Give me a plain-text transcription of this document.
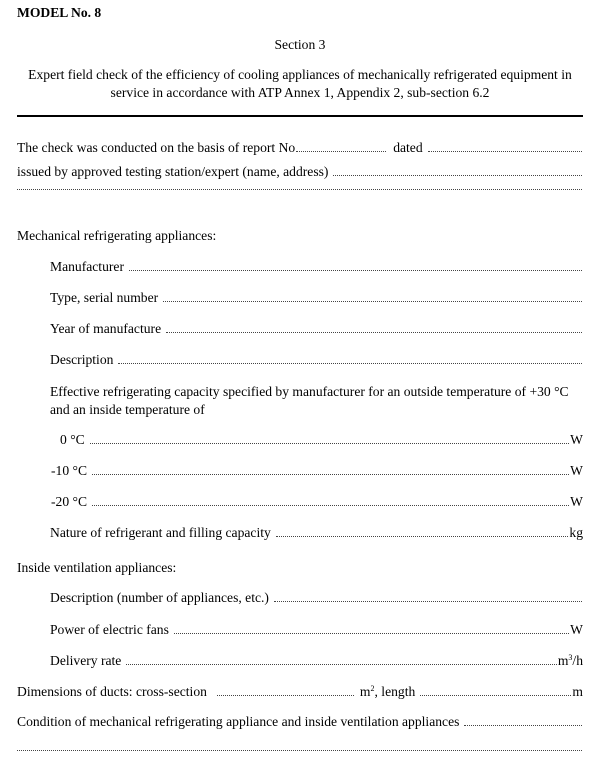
MODEL No. 8
Section 3
Expert field check of the efficiency of cooling appliances of mechanically refrigerated equipment in
service in accordance with ATP Annex 1, Appendix 2, sub-section 6.2
The check was conducted on the basis of report No	dated
issued by approved testing station/expert (name, address)
Mechanical refrigerating appliances:
Manufacturer
Type, serial number
Year of manufacture
Description
Effective refrigerating capacity specified by manufacturer for an outside temperature of +30 °C and an inside temperature of
0 °C	W
-10 °C	W
-20 °C	W
Nature of refrigerant and filling capacity	kg
Inside ventilation appliances:
Description (number of appliances, etc.)
Power of electric fans	W
Delivery rate	$m^3/h$
Dimensions of ducts: cross-section	$m^2$ , length	m
Condition of mechanical refrigerating appliance and inside ventilation appliances
